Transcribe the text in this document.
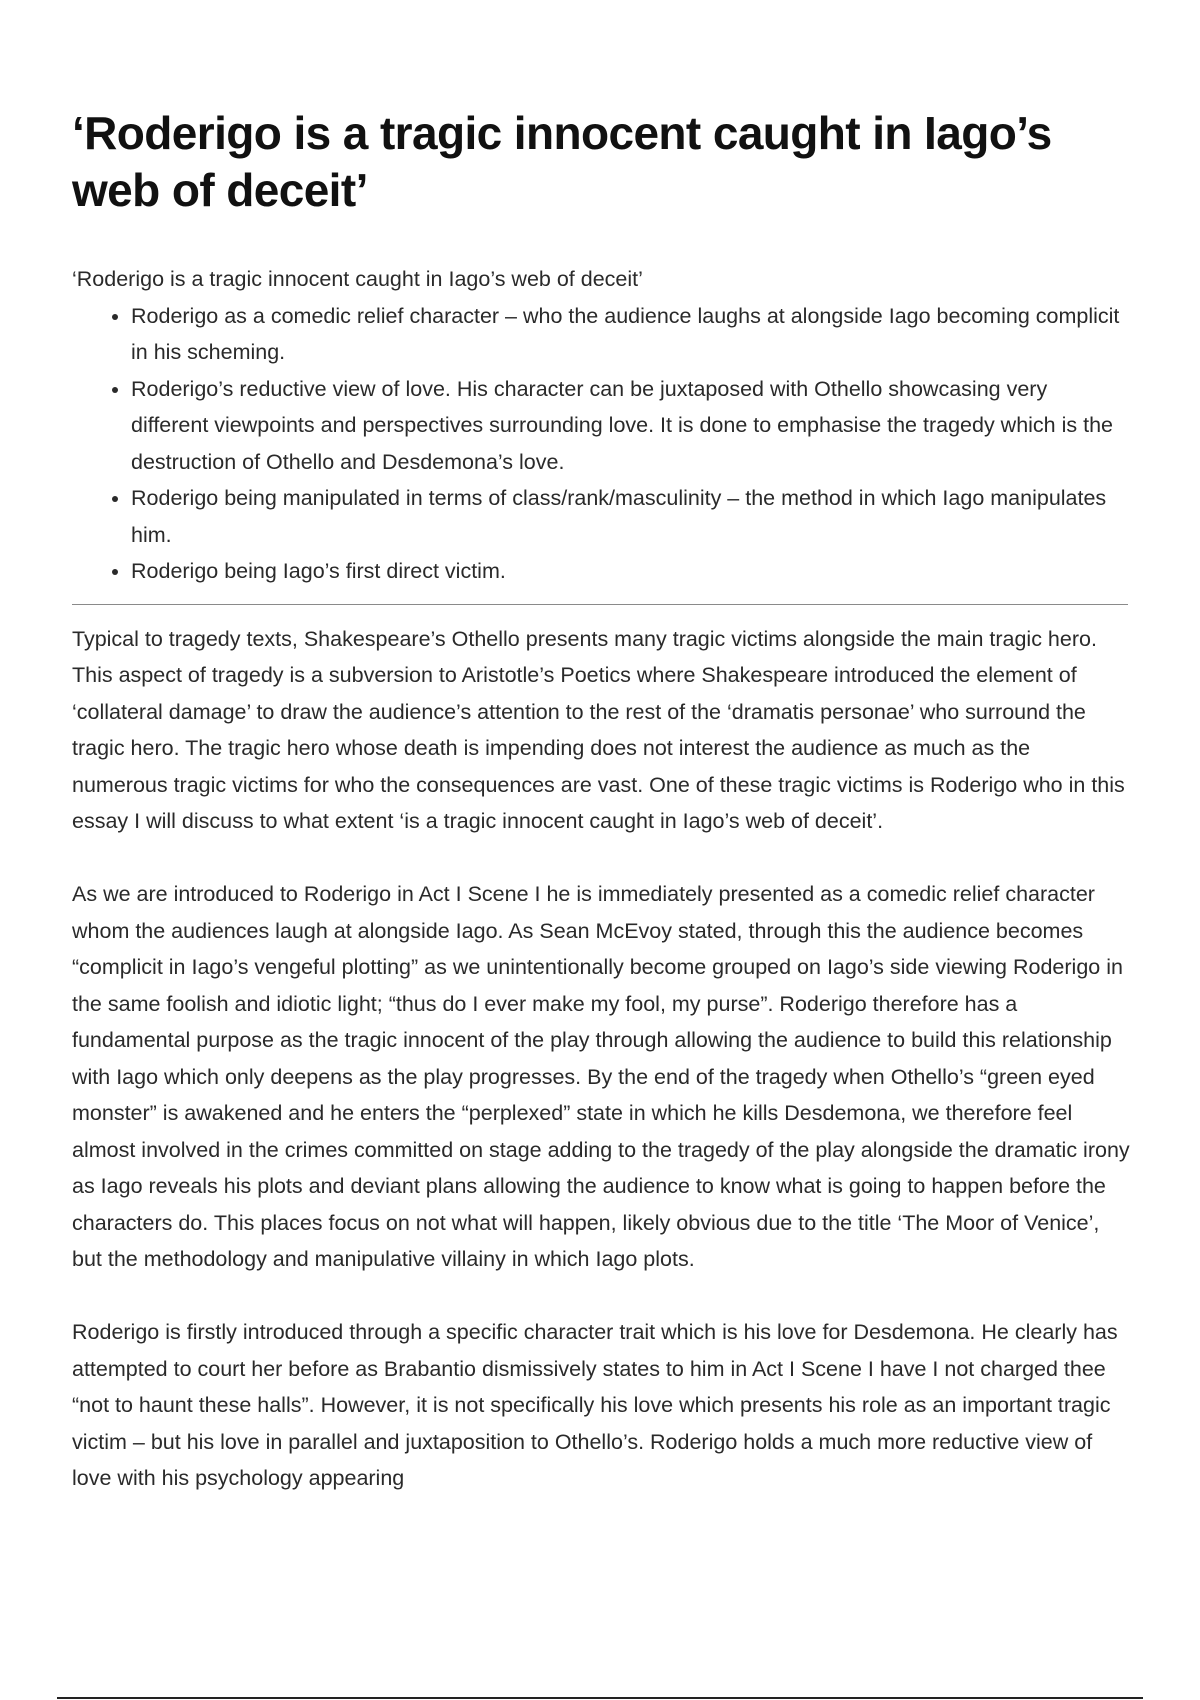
‘Roderigo is a tragic innocent caught in Iago’s web of deceit’

‘Roderigo is a tragic innocent caught in Iago’s web of deceit’

• Roderigo as a comedic relief character – who the audience laughs at alongside Iago becoming complicit in his scheming.
• Roderigo’s reductive view of love. His character can be juxtaposed with Othello showcasing very different viewpoints and perspectives surrounding love. It is done to emphasise the tragedy which is the destruction of Othello and Desdemona’s love.
• Roderigo being manipulated in terms of class/rank/masculinity – the method in which Iago manipulates him.
• Roderigo being Iago’s first direct victim.

Typical to tragedy texts, Shakespeare’s Othello presents many tragic victims alongside the main tragic hero. This aspect of tragedy is a subversion to Aristotle’s Poetics where Shakespeare introduced the element of ‘collateral damage’ to draw the audience’s attention to the rest of the ‘dramatis personae’ who surround the tragic hero. The tragic hero whose death is impending does not interest the audience as much as the numerous tragic victims for who the consequences are vast. One of these tragic victims is Roderigo who in this essay I will discuss to what extent ‘is a tragic innocent caught in Iago’s web of deceit’.

As we are introduced to Roderigo in Act I Scene I he is immediately presented as a comedic relief character whom the audiences laugh at alongside Iago. As Sean McEvoy stated, through this the audience becomes “complicit in Iago’s vengeful plotting” as we unintentionally become grouped on Iago’s side viewing Roderigo in the same foolish and idiotic light; “thus do I ever make my fool, my purse”. Roderigo therefore has a fundamental purpose as the tragic innocent of the play through allowing the audience to build this relationship with Iago which only deepens as the play progresses. By the end of the tragedy when Othello’s “green eyed monster” is awakened and he enters the “perplexed” state in which he kills Desdemona, we therefore feel almost involved in the crimes committed on stage adding to the tragedy of the play alongside the dramatic irony as Iago reveals his plots and deviant plans allowing the audience to know what is going to happen before the characters do. This places focus on not what will happen, likely obvious due to the title ‘The Moor of Venice’, but the methodology and manipulative villainy in which Iago plots.

Roderigo is firstly introduced through a specific character trait which is his love for Desdemona. He clearly has attempted to court her before as Brabantio dismissively states to him in Act I Scene I have I not charged thee “not to haunt these halls”. However, it is not specifically his love which presents his role as an important tragic victim – but his love in parallel and juxtaposition to Othello’s. Roderigo holds a much more reductive view of love with his psychology appearing
